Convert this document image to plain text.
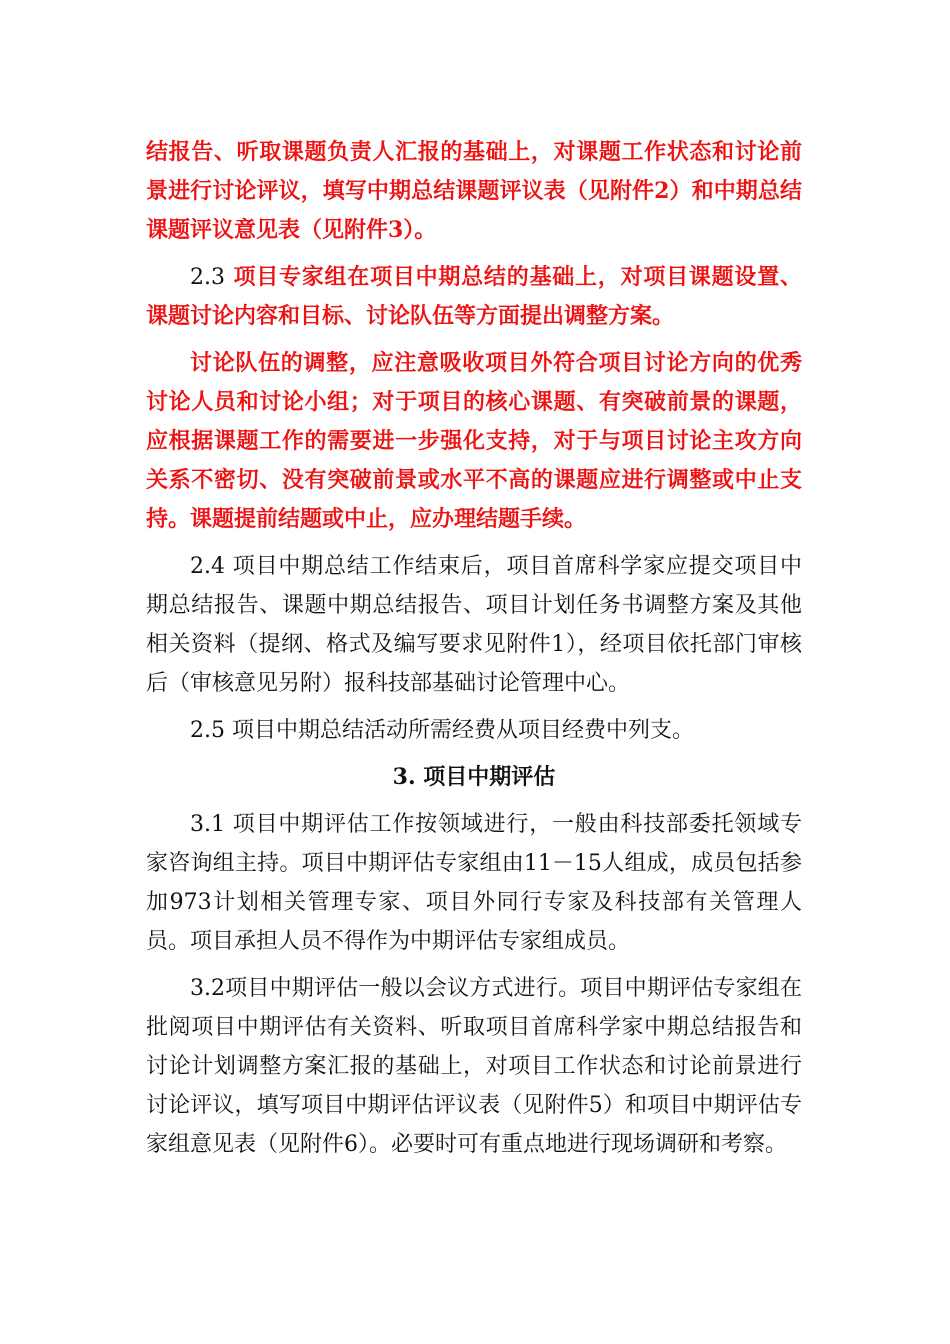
结报告、听取课题负责人汇报的基础上，对课题工作状态和讨论前景进行讨论评议，填写中期总结课题评议表（见附件2）和中期总结课题评议意见表（见附件3）。

2.3 项目专家组在项目中期总结的基础上，对项目课题设置、课题讨论内容和目标、讨论队伍等方面提出调整方案。

讨论队伍的调整，应注意吸收项目外符合项目讨论方向的优秀讨论人员和讨论小组；对于项目的核心课题、有突破前景的课题，应根据课题工作的需要进一步强化支持，对于与项目讨论主攻方向关系不密切、没有突破前景或水平不高的课题应进行调整或中止支持。课题提前结题或中止，应办理结题手续。

2.4 项目中期总结工作结束后，项目首席科学家应提交项目中期总结报告、课题中期总结报告、项目计划任务书调整方案及其他相关资料（提纲、格式及编写要求见附件1），经项目依托部门审核后（审核意见另附）报科技部基础讨论管理中心。

2.5 项目中期总结活动所需经费从项目经费中列支。

3. 项目中期评估

3.1 项目中期评估工作按领域进行，一般由科技部委托领域专家咨询组主持。项目中期评估专家组由11－15人组成，成员包括参加973计划相关管理专家、项目外同行专家及科技部有关管理人员。项目承担人员不得作为中期评估专家组成员。

3.2项目中期评估一般以会议方式进行。项目中期评估专家组在批阅项目中期评估有关资料、听取项目首席科学家中期总结报告和讨论计划调整方案汇报的基础上，对项目工作状态和讨论前景进行讨论评议，填写项目中期评估评议表（见附件5）和项目中期评估专家组意见表（见附件6）。必要时可有重点地进行现场调研和考察。
